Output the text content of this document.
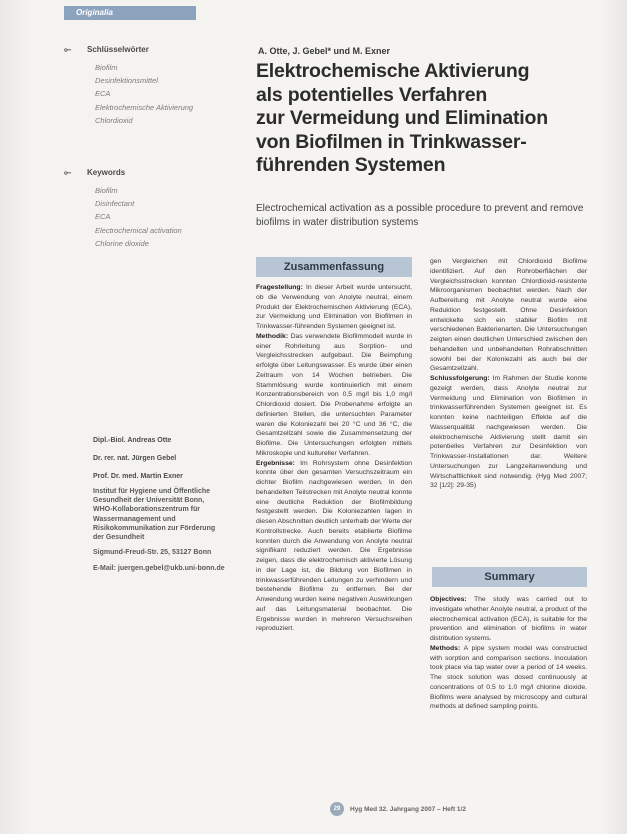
Originalia
⟜	Schlüsselwörter
Biofilm
Desinfektionsmittel
ECA
Elektrochemische Aktivierung
Chlordioxid
⟜	Keywords
Biofilm
Disinfectant
ECA
Electrochemical activation
Chlorine dioxide
Dipl.-Biol. Andreas Otte
Dr. rer. nat. Jürgen Gebel
Prof. Dr. med. Martin Exner
Institut für Hygiene und Öffentliche Gesundheit der Universität Bonn, WHO-Kollaborationszentrum für Wassermanagement und Risikokommunikation zur Förderung der Gesundheit
Sigmund-Freud-Str. 25, 53127 Bonn
E-Mail: juergen.gebel@ukb.uni-bonn.de
A. Otte, J. Gebel* und M. Exner
Elektrochemische Aktivierung
als potentielles Verfahren
zur Vermeidung und Elimination
von Biofilmen in Trinkwasser-
führenden Systemen
Electrochemical activation as a possible procedure to prevent and remove biofilms in water distribution systems
Zusammenfassung

Fragestellung: In dieser Arbeit wurde untersucht, ob die Verwendung von Anolyte neutral, einem Produkt der Elektrochemischen Aktivierung (ECA), zur Vermeidung und Elimination von Biofilmen in Trinkwasser-führenden Systemen geeignet ist.

Methodik: Das verwendete Biofilmmodell wurde in einer Rohrleitung aus Sorption- und Vergleichsstrecken aufgebaut. Die Beimpfung erfolgte über Leitungswasser. Es wurde über einen Zeitraum von 14 Wochen betrieben. Die Stammlösung wurde kontinuierlich mit einem Konzentrationsbereich von 0,5 mg/l bis 1,0 mg/l Chlordioxid dosiert. Die Probenahme erfolgte an definierten Stellen, die untersuchten Parameter waren die Koloniezahl bei 20 °C und 36 °C, die Gesamtzellzahl sowie die Zusammensetzung der Biofilme. Die Untersuchungen erfolgten mittels Mikroskopie und kultureller Verfahren.

Ergebnisse: Im Rohrsystem ohne Desinfektion konnte über den gesamten Versuchszeitraum ein dichter Biofilm nachgewiesen werden. In den behandelten Teilstrecken mit Anolyte neutral konnte eine deutliche Reduktion der Biofilmbildung festgestellt werden. Die Koloniezahlen lagen in diesen Abschnitten deutlich unterhalb der Werte der Kontrollstrecke. Auch bereits etablierte Biofilme konnten durch die Anwendung von Anolyte neutral signifikant reduziert werden. Die Ergebnisse zeigen, dass die elektrochemisch aktivierte Lösung in der Lage ist, die Bildung von Biofilmen in trinkwasserführenden Leitungen zu verhindern und bestehende Biofilme zu entfernen. Bei der Anwendung wurden keine negativen Auswirkungen auf das Leitungsmaterial beobachtet. Die Ergebnisse wurden in mehreren Versuchsreihen reproduziert.

gen Vergleichen mit Chlordioxid Biofilme identifiziert. Auf den Rohroberflächen der Vergleichsstrecken konnten Chlordioxid-resistente Mikroorganismen beobachtet werden. Nach der Aufbereitung mit Anolyte neutral wurde eine Reduktion festgestellt. Ohne Desinfektion entwickelte sich ein stabiler Biofilm mit verschiedenen Bakterienarten. Die Untersuchungen zeigten einen deutlichen Unterschied zwischen den behandelten und unbehandelten Rohrabschnitten sowohl bei der Koloniezahl als auch bei der Gesamtzellzahl.

Schlussfolgerung: Im Rahmen der Studie konnte gezeigt werden, dass Anolyte neutral zur Vermeidung und Elimination von Biofilmen in trinkwasserführenden Systemen geeignet ist. Es konnten keine nachteiligen Effekte auf die Wasserqualität nachgewiesen werden. Die elektrochemische Aktivierung stellt damit ein potentielles Verfahren zur Desinfektion von Trinkwasser-Installationen dar. Weitere Untersuchungen zur Langzeitanwendung und Wirtschaftlichkeit sind notwendig. (Hyg Med 2007; 32 [1/2]: 29-35)

Summary

Objectives: The study was carried out to investigate whether Anolyte neutral, a product of the electrochemical activation (ECA), is suitable for the prevention and elimination of biofilms in water distribution systems.

Methods: A pipe system model was constructed with sorption and comparison sections. Inoculation took place via tap water over a period of 14 weeks. The stock solution was dosed continuously at concentrations of 0.5 to 1.0 mg/l chlorine dioxide. Biofilms were analysed by microscopy and cultural methods at defined sampling points.

29	Hyg Med 32. Jahrgang 2007 – Heft 1/2
